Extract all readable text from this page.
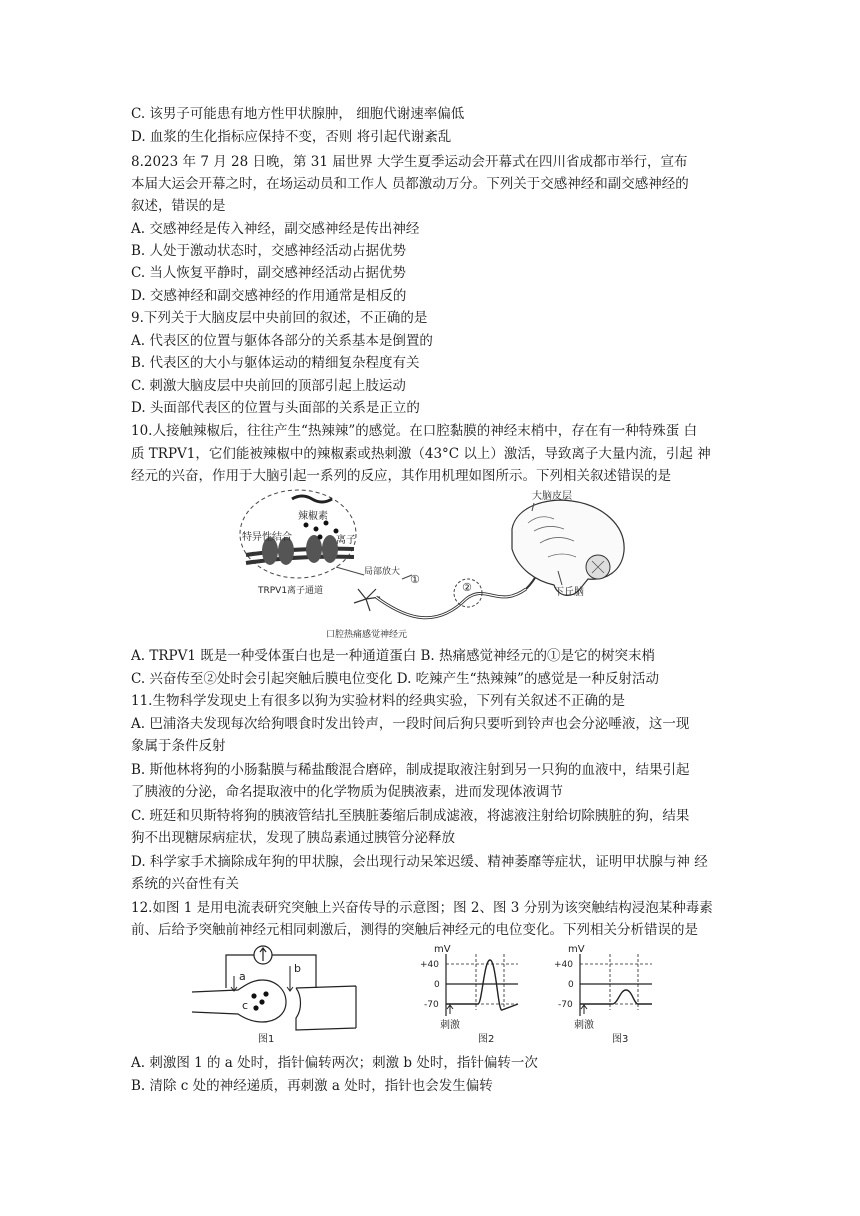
C. 该男子可能患有地方性甲状腺肿， 细胞代谢速率偏低
D. 血浆的生化指标应保持不变，否则 将引起代谢紊乱
8.2023 年 7 月 28 日晚，第 31 届世界 大学生夏季运动会开幕式在四川省成都市举行，宣布
本届大运会开幕之时，在场运动员和工作人 员都激动万分。下列关于交感神经和副交感神经的
叙述，错误的是
A. 交感神经是传入神经，副交感神经是传出神经
B. 人处于激动状态时，交感神经活动占据优势
C. 当人恢复平静时，副交感神经活动占据优势
D. 交感神经和副交感神经的作用通常是相反的
9.下列关于大脑皮层中央前回的叙述，不正确的是
A. 代表区的位置与躯体各部分的关系基本是倒置的
B. 代表区的大小与躯体运动的精细复杂程度有关
C. 刺激大脑皮层中央前回的顶部引起上肢运动
D. 头面部代表区的位置与头面部的关系是正立的
10.人接触辣椒后，往往产生“热辣辣”的感觉。在口腔黏膜的神经末梢中，存在有一种特殊蛋 白
质 TRPV1，它们能被辣椒中的辣椒素或热刺激（43°C 以上）激活，导致离子大量内流，引起 神
经元的兴奋，作用于大脑引起一系列的反应，其作用机理如图所示。下列相关叙述错误的是
辣椒素
特异性结合	离子
TRPV1离子通道
局部放大
②
①
口腔热痛感觉神经元
大脑皮层
下丘脑
A. TRPV1 既是一种受体蛋白也是一种通道蛋白 B. 热痛感觉神经元的①是它的树突末梢
C. 兴奋传至②处时会引起突触后膜电位变化 D. 吃辣产生“热辣辣”的感觉是一种反射活动
11.生物科学发现史上有很多以狗为实验材料的经典实验，下列有关叙述不正确的是
A. 巴浦洛夫发现每次给狗喂食时发出铃声，一段时间后狗只要听到铃声也会分泌唾液，这一现
象属于条件反射
B. 斯他林将狗的小肠黏膜与稀盐酸混合磨碎，制成提取液注射到另一只狗的血液中，结果引起
了胰液的分泌，命名提取液中的化学物质为促胰液素，进而发现体液调节
C. 班廷和贝斯特将狗的胰液管结扎至胰脏萎缩后制成滤液，将滤液注射给切除胰脏的狗，结果
狗不出现糖尿病症状，发现了胰岛素通过胰管分泌释放
D. 科学家手术摘除成年狗的甲状腺，会出现行动呆笨迟缓、精神萎靡等症状，证明甲状腺与神 经
系统的兴奋性有关
12.如图 1 是用电流表研究突触上兴奋传导的示意图；图 2、图 3 分别为该突触结构浸泡某种毒素
前、后给予突触前神经元相同刺激后，测得的突触后神经元的电位变化。下列相关分析错误的是
a
b
c
图1
mV
+40
0
-70
刺激
图2
mV
+40
0
-70
刺激
图3
A. 刺激图 1 的 a 处时，指针偏转两次；刺激 b 处时，指针偏转一次
B. 清除 c 处的神经递质，再刺激 a 处时，指针也会发生偏转
